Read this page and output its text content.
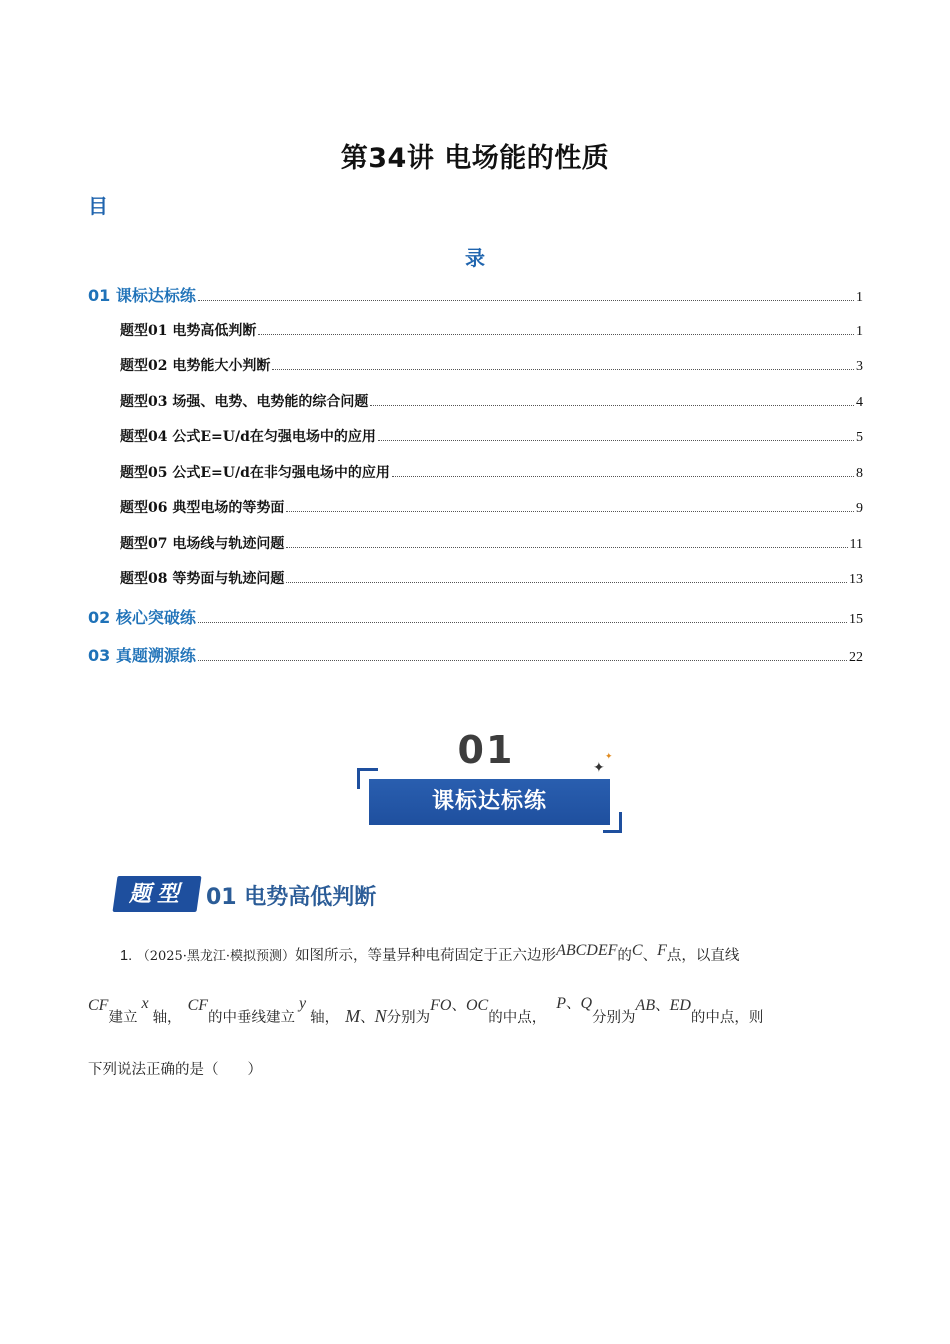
第34讲 电场能的性质
目
录
01 课标达标练	1
题型01 电势高低判断	1
题型02 电势能大小判断	3
题型03 场强、电势、电势能的综合问题	4
题型04 公式E=U/d在匀强电场中的应用	5
题型05 公式E=U/d在非匀强电场中的应用	8
题型06 典型电场的等势面	9
题型07 电场线与轨迹问题	11
题型08 等势面与轨迹问题	13
02 核心突破练	15
03 真题溯源练	22
01
课标达标练
✦
✦
题型 01 电势高低判断
1. （2025·黑龙江·模拟预测）如图所示，等量异种电荷固定于正六边形ABCDEF的C、F点，以直线
CF建立x轴，CF的中垂线建立y轴， M、N分别为FO、OC的中点，P、Q分别为AB、ED的中点，则
下列说法正确的是（　　）
